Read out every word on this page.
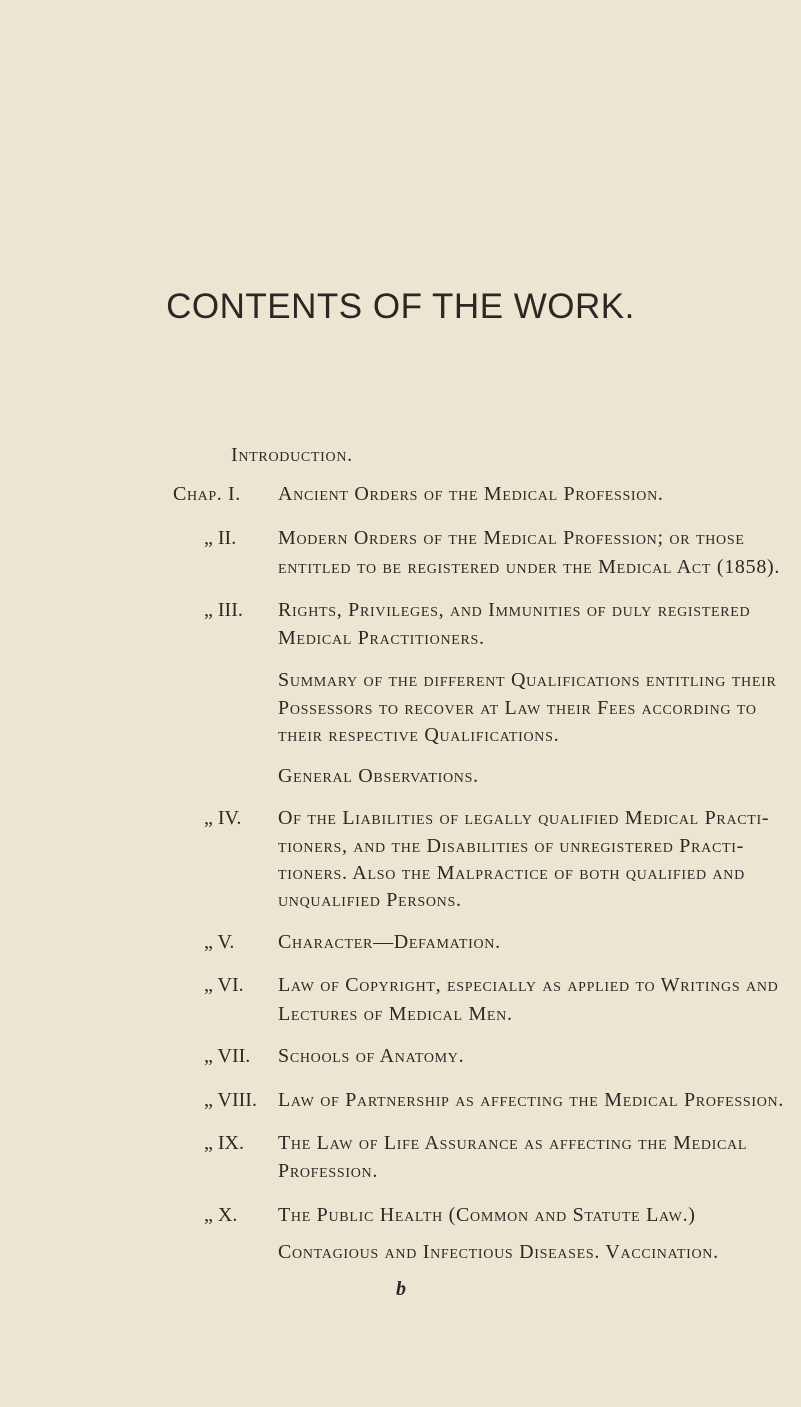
CONTENTS OF THE WORK.
Introduction.
Chap. I. Ancient Orders of the Medical Profession.
„ II. Modern Orders of the Medical Profession; or those
entitled to be registered under the Medical Act (1858).
„ III. Rights, Privileges, and Immunities of duly registered
Medical Practitioners.
Summary of the different Qualifications entitling their
Possessors to recover at Law their Fees according to
their respective Qualifications.
General Observations.
„ IV. Of the Liabilities of legally qualified Medical Practi-
tioners, and the Disabilities of unregistered Practi-
tioners. Also the Malpractice of both qualified and
unqualified Persons.
„ V. Character—Defamation.
„ VI. Law of Copyright, especially as applied to Writings and
Lectures of Medical Men.
„ VII. Schools of Anatomy.
„ VIII. Law of Partnership as affecting the Medical Profession.
„ IX. The Law of Life Assurance as affecting the Medical
Profession.
„ X. The Public Health (Common and Statute Law.)
Contagious and Infectious Diseases. Vaccination.
b
